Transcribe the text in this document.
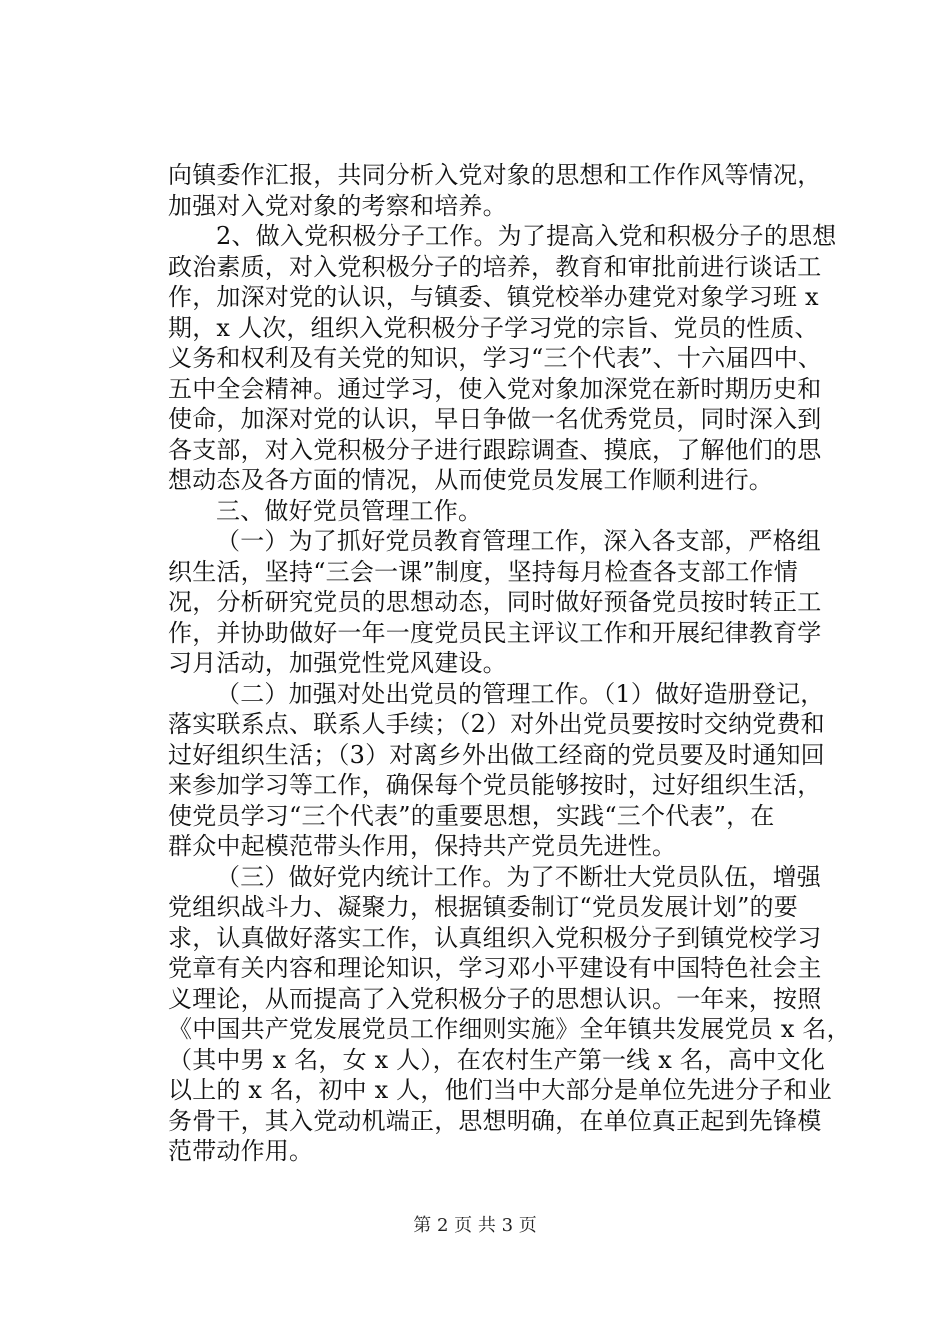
向镇委作汇报，共同分析入党对象的思想和工作作风等情况，
加强对入党对象的考察和培养。
2、做入党积极分子工作。为了提高入党和积极分子的思想
政治素质，对入党积极分子的培养，教育和审批前进行谈话工
作，加深对党的认识，与镇委、镇党校举办建党对象学习班 x
期，x 人次，组织入党积极分子学习党的宗旨、党员的性质、
义务和权利及有关党的知识，学习“三个代表”、十六届四中、
五中全会精神。通过学习，使入党对象加深党在新时期历史和
使命，加深对党的认识，早日争做一名优秀党员，同时深入到
各支部，对入党积极分子进行跟踪调查、摸底，了解他们的思
想动态及各方面的情况，从而使党员发展工作顺利进行。
三、做好党员管理工作。
（一）为了抓好党员教育管理工作，深入各支部，严格组
织生活，坚持“三会一课”制度，坚持每月检查各支部工作情
况，分析研究党员的思想动态，同时做好预备党员按时转正工
作，并协助做好一年一度党员民主评议工作和开展纪律教育学
习月活动，加强党性党风建设。
（二）加强对处出党员的管理工作。（1）做好造册登记，
落实联系点、联系人手续；（2）对外出党员要按时交纳党费和
过好组织生活；（3）对离乡外出做工经商的党员要及时通知回
来参加学习等工作，确保每个党员能够按时，过好组织生活，
使党员学习“三个代表”的重要思想，实践“三个代表”，在
群众中起模范带头作用，保持共产党员先进性。
（三）做好党内统计工作。为了不断壮大党员队伍，增强
党组织战斗力、凝聚力，根据镇委制订“党员发展计划”的要
求，认真做好落实工作，认真组织入党积极分子到镇党校学习
党章有关内容和理论知识，学习邓小平建设有中国特色社会主
义理论，从而提高了入党积极分子的思想认识。一年来，按照
《中国共产党发展党员工作细则实施》全年镇共发展党员 x 名，
（其中男 x 名，女 x 人），在农村生产第一线 x 名，高中文化
以上的 x 名，初中 x 人，他们当中大部分是单位先进分子和业
务骨干，其入党动机端正，思想明确，在单位真正起到先锋模
范带动作用。
第 2 页 共 3 页
